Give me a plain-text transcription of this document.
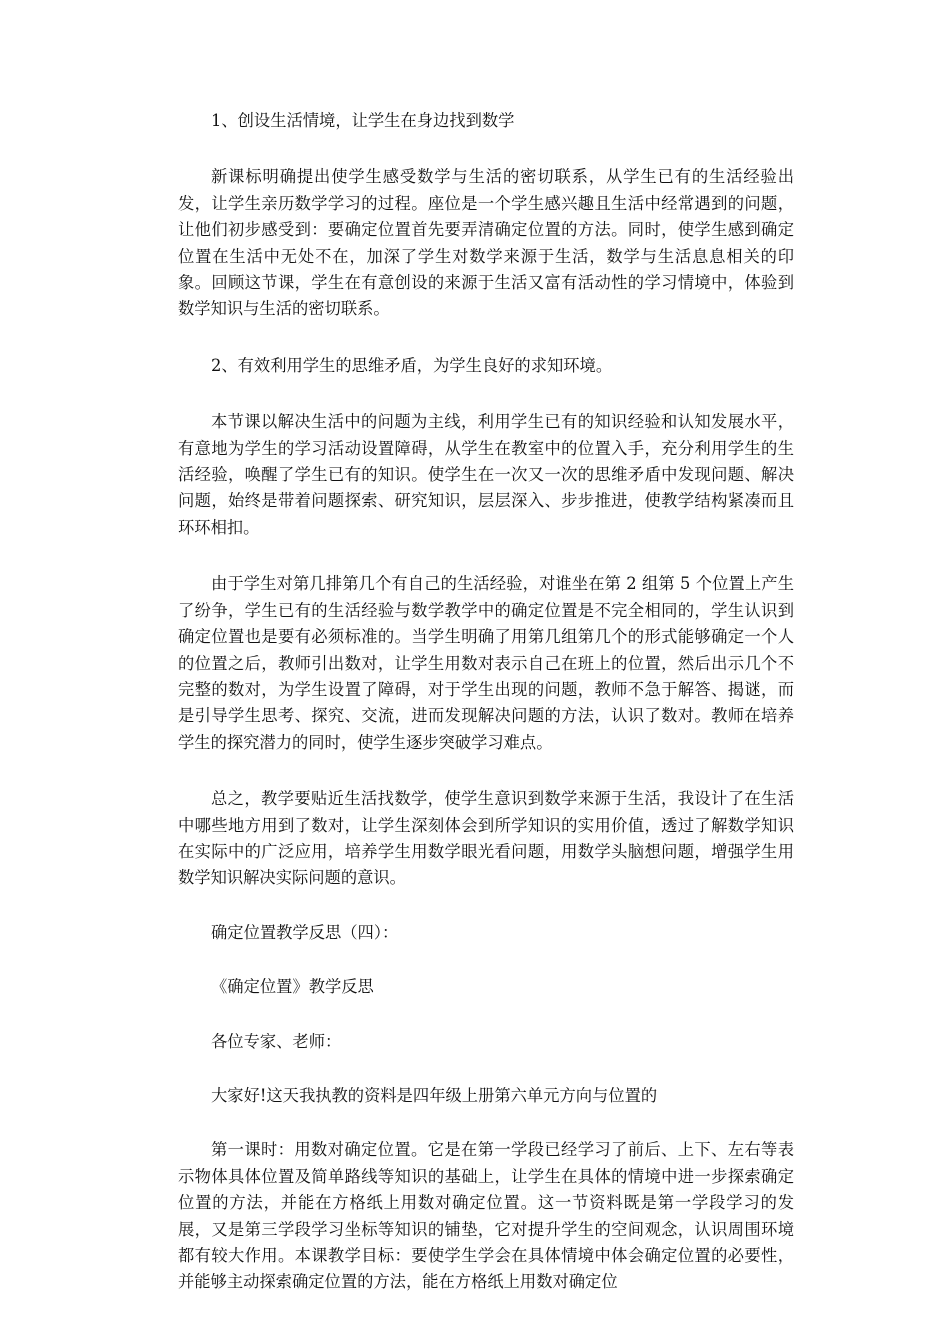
1、创设生活情境，让学生在身边找到数学

新课标明确提出使学生感受数学与生活的密切联系，从学生已有的生活经验出发，让学生亲历数学学习的过程。座位是一个学生感兴趣且生活中经常遇到的问题，让他们初步感受到：要确定位置首先要弄清确定位置的方法。同时，使学生感到确定位置在生活中无处不在，加深了学生对数学来源于生活，数学与生活息息相关的印象。回顾这节课，学生在有意创设的来源于生活又富有活动性的学习情境中，体验到数学知识与生活的密切联系。

2、有效利用学生的思维矛盾，为学生良好的求知环境。

本节课以解决生活中的问题为主线，利用学生已有的知识经验和认知发展水平，有意地为学生的学习活动设置障碍，从学生在教室中的位置入手，充分利用学生的生活经验，唤醒了学生已有的知识。使学生在一次又一次的思维矛盾中发现问题、解决问题，始终是带着问题探索、研究知识，层层深入、步步推进，使教学结构紧凑而且环环相扣。

由于学生对第几排第几个有自己的生活经验，对谁坐在第 2 组第 5 个位置上产生了纷争，学生已有的生活经验与数学教学中的确定位置是不完全相同的，学生认识到确定位置也是要有必须标准的。当学生明确了用第几组第几个的形式能够确定一个人的位置之后，教师引出数对，让学生用数对表示自己在班上的位置，然后出示几个不完整的数对，为学生设置了障碍，对于学生出现的问题，教师不急于解答、揭谜，而是引导学生思考、探究、交流，进而发现解决问题的方法，认识了数对。教师在培养学生的探究潜力的同时，使学生逐步突破学习难点。

总之，教学要贴近生活找数学，使学生意识到数学来源于生活，我设计了在生活中哪些地方用到了数对，让学生深刻体会到所学知识的实用价值，透过了解数学知识在实际中的广泛应用，培养学生用数学眼光看问题，用数学头脑想问题，增强学生用数学知识解决实际问题的意识。

确定位置教学反思（四）：

《确定位置》教学反思

各位专家、老师：

大家好!这天我执教的资料是四年级上册第六单元方向与位置的

第一课时：用数对确定位置。它是在第一学段已经学习了前后、上下、左右等表示物体具体位置及简单路线等知识的基础上，让学生在具体的情境中进一步探索确定位置的方法，并能在方格纸上用数对确定位置。这一节资料既是第一学段学习的发展，又是第三学段学习坐标等知识的铺垫，它对提升学生的空间观念，认识周围环境都有较大作用。本课教学目标：要使学生学会在具体情境中体会确定位置的必要性，并能够主动探索确定位置的方法，能在方格纸上用数对确定位
